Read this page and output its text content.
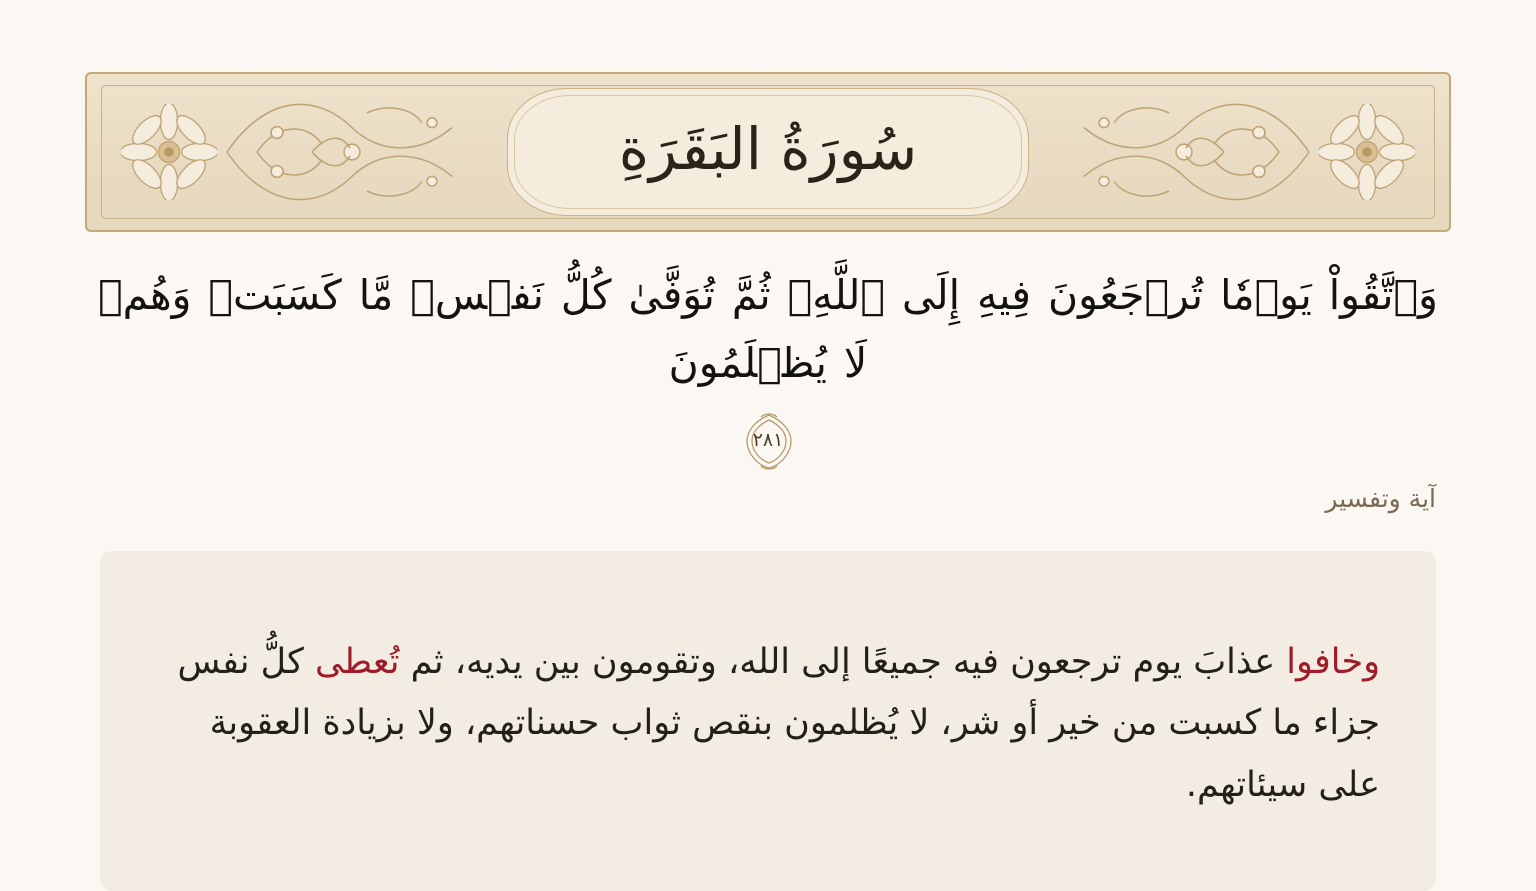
سُورَةُ البَقَرَةِ
وَٱتَّقُواْ يَوۡمٗا تُرۡجَعُونَ فِيهِ إِلَى ٱللَّهِۖ ثُمَّ تُوَفَّىٰ كُلُّ نَفۡسٖ مَّا كَسَبَتۡ وَهُمۡ لَا يُظۡلَمُونَ
٢٨١
آية وتفسير

وخافوا عذابَ يوم ترجعون فيه جميعًا إلى الله، وتقومون بين يديه، ثم تُعطى كلُّ نفس جزاء ما كسبت من خير أو شر، لا يُظلمون بنقص ثواب حسناتهم، ولا بزيادة العقوبة على سيئاتهم.
